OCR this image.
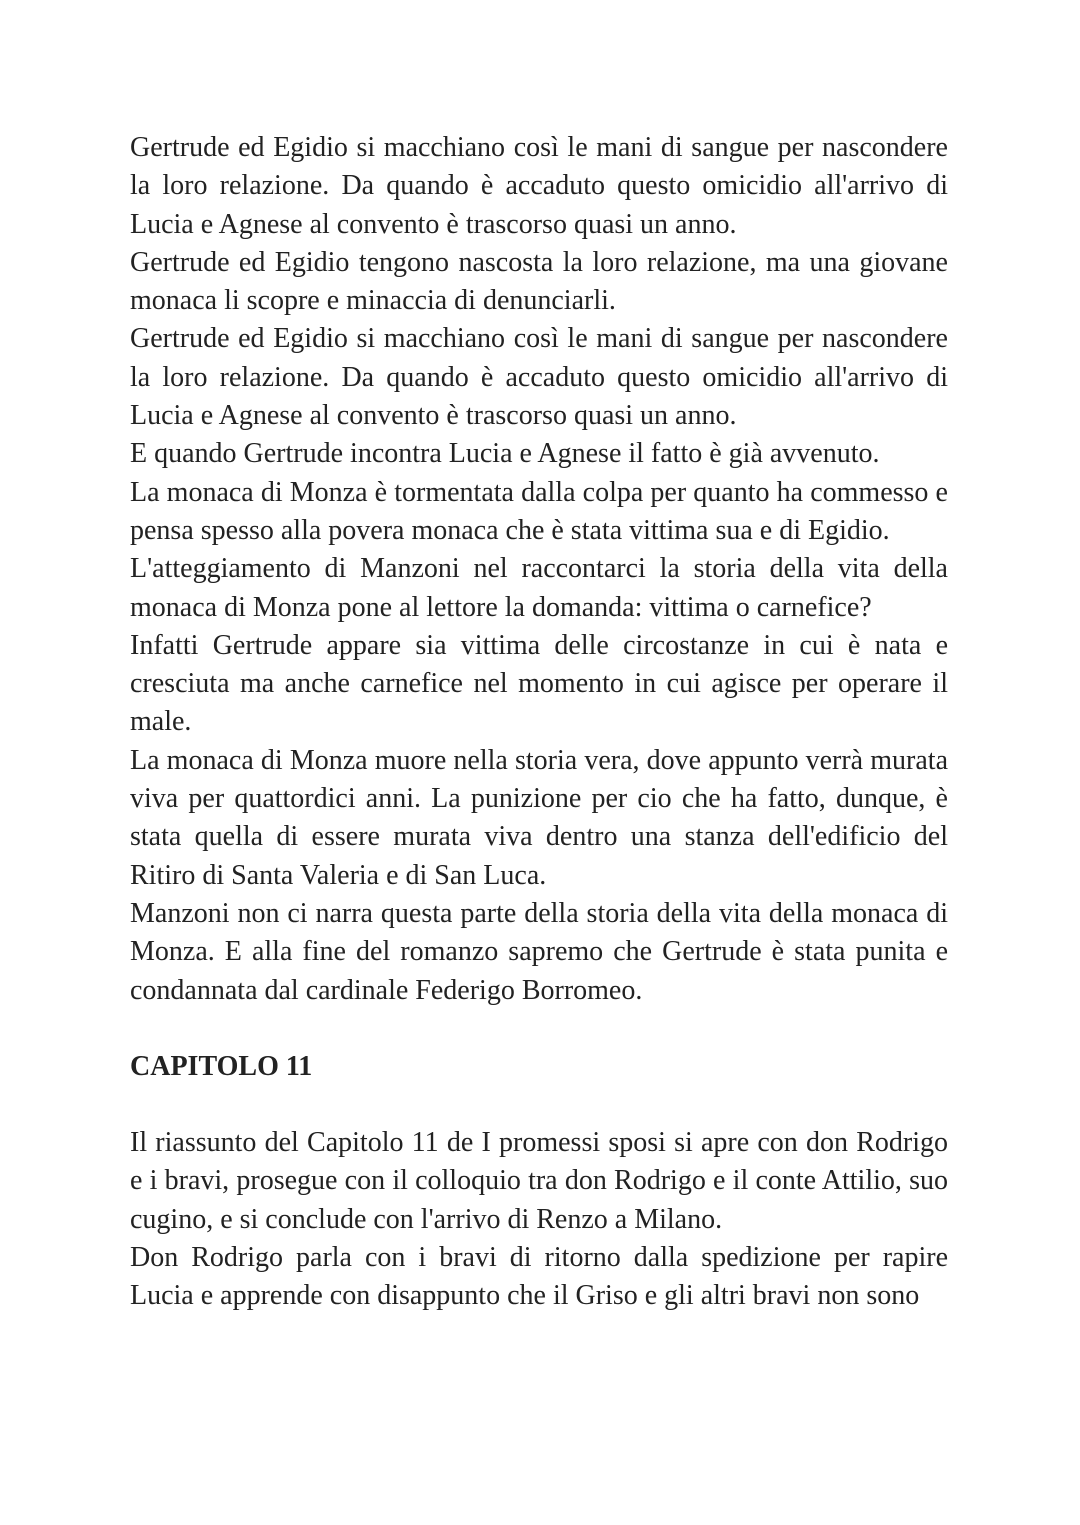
Gertrude ed Egidio si macchiano così le mani di sangue per nascondere la loro relazione. Da quando è accaduto questo omicidio all'arrivo di Lucia e Agnese al convento è trascorso quasi un anno.

Gertrude ed Egidio tengono nascosta la loro relazione, ma una giovane monaca li scopre e minaccia di denunciarli.

Gertrude ed Egidio si macchiano così le mani di sangue per nascondere la loro relazione. Da quando è accaduto questo omicidio all'arrivo di Lucia e Agnese al convento è trascorso quasi un anno.

E quando Gertrude incontra Lucia e Agnese il fatto è già avvenuto.

La monaca di Monza è tormentata dalla colpa per quanto ha commesso e pensa spesso alla povera monaca che è stata vittima sua e di Egidio.

L'atteggiamento di Manzoni nel raccontarci la storia della vita della monaca di Monza pone al lettore la domanda: vittima o carnefice?

Infatti Gertrude appare sia vittima delle circostanze in cui è nata e cresciuta ma anche carnefice nel momento in cui agisce per operare il male.

La monaca di Monza muore nella storia vera, dove appunto verrà murata viva per quattordici anni. La punizione per cio che ha fatto, dunque, è stata quella di essere murata viva dentro una stanza dell'edificio del Ritiro di Santa Valeria e di San Luca.

Manzoni non ci narra questa parte della storia della vita della monaca di Monza. E alla fine del romanzo sapremo che Gertrude è stata punita e condannata dal cardinale Federigo Borromeo.

CAPITOLO 11

Il riassunto del Capitolo 11 de I promessi sposi si apre con don Rodrigo e i bravi, prosegue con il colloquio tra don Rodrigo e il conte Attilio, suo cugino, e si conclude con l'arrivo di Renzo a Milano.

Don Rodrigo parla con i bravi di ritorno dalla spedizione per rapire Lucia e apprende con disappunto che il Griso e gli altri bravi non sono
